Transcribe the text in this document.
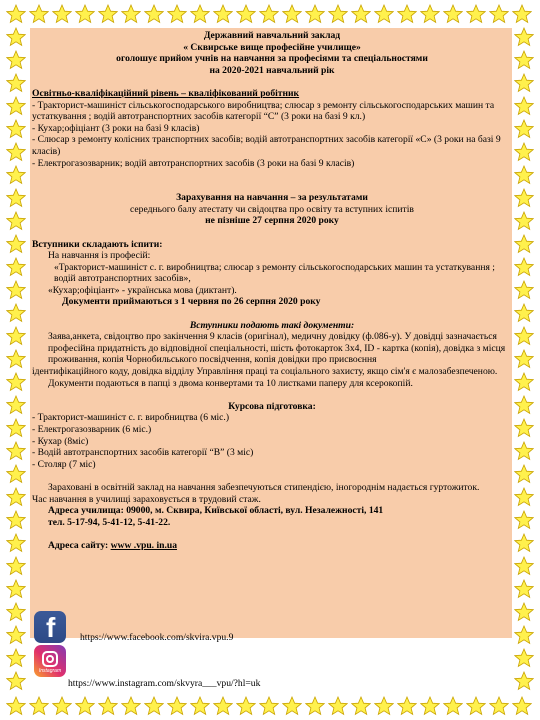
Державний навчальний заклад

« Сквирське вище професійне училище»

оголошує прийом учнів на навчання за професіями та спеціальностями

на 2020-2021 навчальний рік

Освітньо-кваліфікаційний рівень – кваліфікований робітник

- Тракторист-машиніст сільськогосподарського виробництва; слюсар з ремонту сільськогосподарських машин та устаткування ; водій автотранспортних засобів категорії “С” (3 роки на базі 9 кл.)

- Кухар;офіціант (3 роки на базі 9 класів)

- Слюсар з ремонту колісних транспортних засобів; водій автотранспортних засобів категорії «С» (3 роки на базі 9 класів)

- Електрогазозварник; водій автотранспортних засобів (3 роки на базі 9 класів)

Зарахування на навчання – за результатами

середнього балу атестату чи свідоцтва про освіту та вступних іспитів

не пізніше 27 серпня 2020 року

Вступники складають іспити:

На навчання із професій:

«Тракторист-машиніст с. г. виробництва; слюсар з ремонту сільськогосподарських машин та устаткування ; водій автотранспортних засобів»,

«Кухар;офіціант» - українська мова (диктант).

Документи приймаються з 1 червня по 26 серпня 2020 року

Вступники подають такі документи:

Заява,анкета, свідоцтво про закінчення 9 класів (оригінал), медичну довідку (ф.086-у). У довідці зазначається професійна придатність до відповідної спеціальності, шість фотокарток 3х4, ID - картка (копія), довідка з місця проживання, копія Чорнобильського посвідчення, копія довідки про присвоєння

ідентифікаційного коду, довідка відділу Управління праці та соціального захисту, якщо сім'я є малозабезпеченою.

Документи подаються в папці з двома конвертами та 10 листками паперу для ксерокопій.

Курсова підготовка:

- Тракторист-машиніст с. г. виробництва (6 міс.)

- Електрогазозварник (6 міс.)

- Кухар (8міс)

- Водій автотранспортних засобів категорії “В” (3 міс)

- Столяр (7 міс)

Зараховані в освітній заклад на навчання забезпечуються стипендією, іногороднім надається гуртожиток.

Час навчання в училищі зараховується в трудовий стаж.

Адреса училища: 09000, м. Сквира, Київської області, вул. Незалежності, 141

тел. 5-17-94, 5-41-12, 5-41-22.

Адреса сайту: www .vpu. in.ua

f	https://www.facebook.com/skvira.vpu.9
Instagram
https://www.instagram.com/skvyra___vpu/?hl=uk
